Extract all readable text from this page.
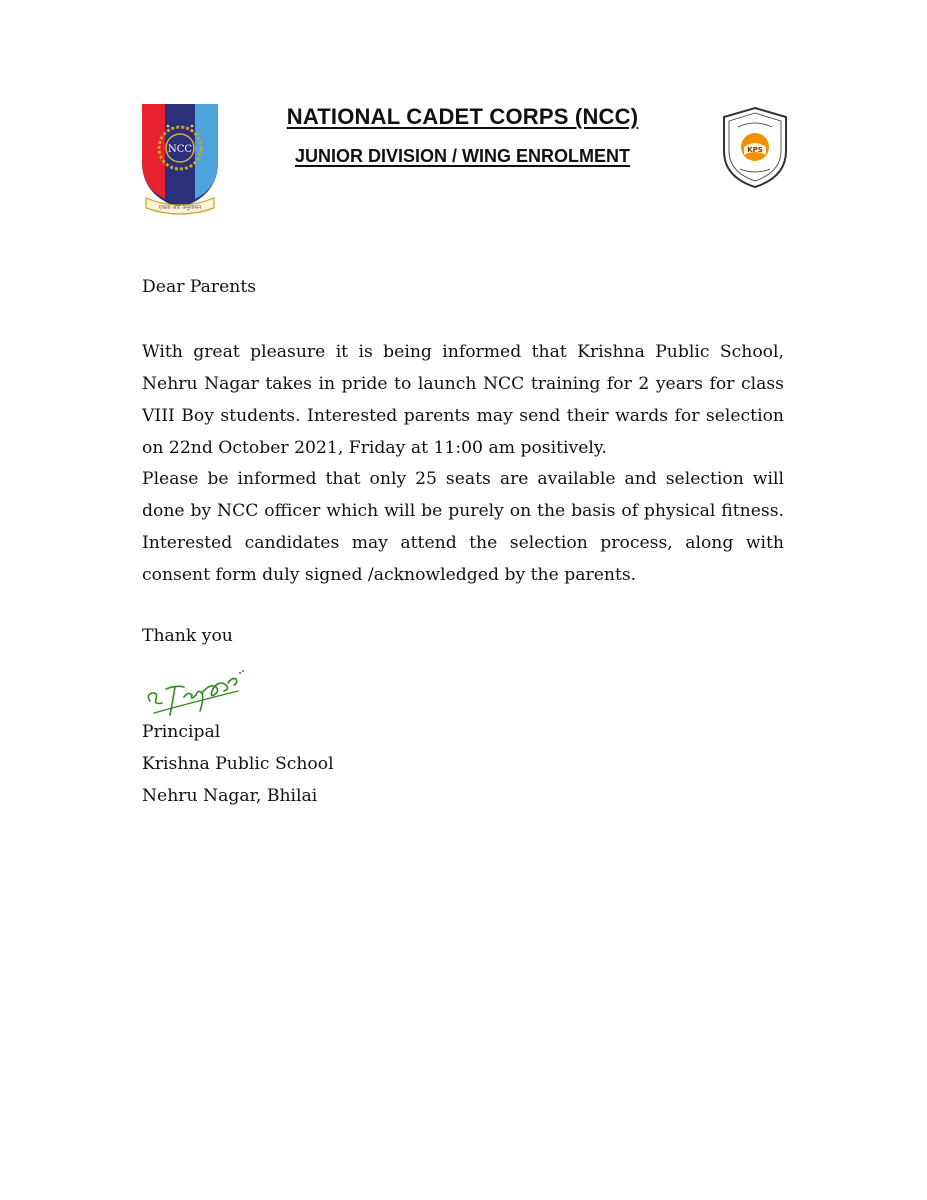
NCC
एकता और अनुशासन
NATIONAL CADET CORPS (NCC)
JUNIOR DIVISION / WING ENROLMENT	KPS
Dear Parents
With great pleasure it is being informed that Krishna Public School, Nehru Nagar takes in pride to launch NCC training for 2 years for class VIII Boy students. Interested parents may send their wards for selection on 22nd October 2021, Friday at 11:00 am positively.
Please be informed that only 25 seats are available and selection will done by NCC officer which will be purely on the basis of physical fitness. Interested candidates may attend the selection process, along with consent form duly signed /acknowledged by the parents.
Thank you
Principal
Krishna Public School
Nehru Nagar, Bhilai
